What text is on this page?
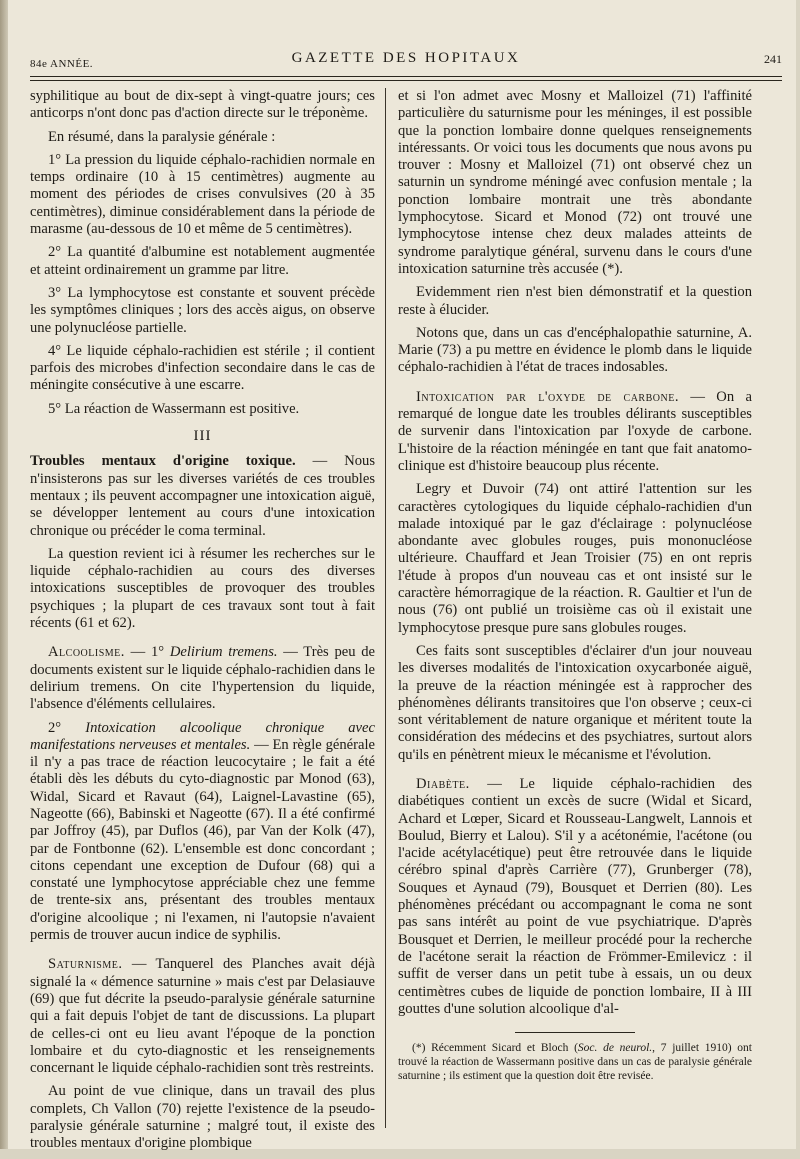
84e ANNÉE.	GAZETTE DES HOPITAUX	241

syphilitique au bout de dix-sept à vingt-quatre jours; ces anticorps n'ont donc pas d'action directe sur le tréponème.

En résumé, dans la paralysie générale :

1° La pression du liquide céphalo-rachidien normale en temps ordinaire (10 à 15 centimètres) augmente au moment des périodes de crises convulsives (20 à 35 centimètres), diminue considérablement dans la période de marasme (au-dessous de 10 et même de 5 centimètres).

2° La quantité d'albumine est notablement augmentée et atteint ordinairement un gramme par litre.

3° La lymphocytose est constante et souvent précède les symptômes cliniques ; lors des accès aigus, on observe une polynucléose partielle.

4° Le liquide céphalo-rachidien est stérile ; il contient parfois des microbes d'infection secondaire dans le cas de méningite consécutive à une escarre.

5° La réaction de Wassermann est positive.

III

Troubles mentaux d'origine toxique. — Nous n'insisterons pas sur les diverses variétés de ces troubles mentaux ; ils peuvent accompagner une intoxication aiguë, se développer lentement au cours d'une intoxication chronique ou précéder le coma terminal.

La question revient ici à résumer les recherches sur le liquide céphalo-rachidien au cours des diverses intoxications susceptibles de provoquer des troubles psychiques ; la plupart de ces travaux sont tout à fait récents (61 et 62).

Alcoolisme. — 1° Delirium tremens. — Très peu de documents existent sur le liquide céphalo-rachidien dans le delirium tremens. On cite l'hypertension du liquide, l'absence d'éléments cellulaires.

2° Intoxication alcoolique chronique avec manifestations nerveuses et mentales. — En règle générale il n'y a pas trace de réaction leucocytaire ; le fait a été établi dès les débuts du cyto-diagnostic par Monod (63), Widal, Sicard et Ravaut (64), Laignel-Lavastine (65), Nageotte (66), Babinski et Nageotte (67). Il a été confirmé par Joffroy (45), par Duflos (46), par Van der Kolk (47), par de Fontbonne (62). L'ensemble est donc concordant ; citons cependant une exception de Dufour (68) qui a constaté une lymphocytose appréciable chez une femme de trente-six ans, présentant des troubles mentaux d'origine alcoolique ; ni l'examen, ni l'autopsie n'avaient permis de trouver aucun indice de syphilis.

Saturnisme. — Tanquerel des Planches avait déjà signalé la « démence saturnine » mais c'est par Delasiauve (69) que fut décrite la pseudo-paralysie générale saturnine qui a fait depuis l'objet de tant de discussions. La plupart de celles-ci ont eu lieu avant l'époque de la ponction lombaire et du cyto-diagnostic et les renseignements concernant le liquide céphalo-rachidien sont très restreints.

Au point de vue clinique, dans un travail des plus complets, Ch Vallon (70) rejette l'existence de la pseudo-paralysie générale saturnine ; malgré tout, il existe des troubles mentaux d'origine plombique

et si l'on admet avec Mosny et Malloizel (71) l'affinité particulière du saturnisme pour les méninges, il est possible que la ponction lombaire donne quelques renseignements intéressants. Or voici tous les documents que nous avons pu trouver : Mosny et Malloizel (71) ont observé chez un saturnin un syndrome méningé avec confusion mentale ; la ponction lombaire montrait une très abondante lymphocytose. Sicard et Monod (72) ont trouvé une lymphocytose intense chez deux malades atteints de syndrome paralytique général, survenu dans le cours d'une intoxication saturnine très accusée (*).

Evidemment rien n'est bien démonstratif et la question reste à élucider.

Notons que, dans un cas d'encéphalopathie saturnine, A. Marie (73) a pu mettre en évidence le plomb dans le liquide céphalo-rachidien à l'état de traces indosables.

Intoxication par l'oxyde de carbone. — On a remarqué de longue date les troubles délirants susceptibles de survenir dans l'intoxication par l'oxyde de carbone. L'histoire de la réaction méningée en tant que fait anatomo-clinique est d'histoire beaucoup plus récente.

Legry et Duvoir (74) ont attiré l'attention sur les caractères cytologiques du liquide céphalo-rachidien d'un malade intoxiqué par le gaz d'éclairage : polynucléose abondante avec globules rouges, puis mononucléose ultérieure. Chauffard et Jean Troisier (75) en ont repris l'étude à propos d'un nouveau cas et ont insisté sur le caractère hémorragique de la réaction. R. Gaultier et l'un de nous (76) ont publié un troisième cas où il existait une lymphocytose presque pure sans globules rouges.

Ces faits sont susceptibles d'éclairer d'un jour nouveau les diverses modalités de l'intoxication oxycarbonée aiguë, la preuve de la réaction méningée est à rapprocher des phénomènes délirants transitoires que l'on observe ; ceux-ci sont véritablement de nature organique et méritent toute la considération des médecins et des psychiatres, surtout alors qu'ils en pénètrent mieux le mécanisme et l'évolution.

Diabète. — Le liquide céphalo-rachidien des diabétiques contient un excès de sucre (Widal et Sicard, Achard et Lœper, Sicard et Rousseau-Langwelt, Lannois et Boulud, Bierry et Lalou). S'il y a acétonémie, l'acétone (ou l'acide acétylacétique) peut être retrouvée dans le liquide cérébro spinal d'après Carrière (77), Grunberger (78), Souques et Aynaud (79), Bousquet et Derrien (80). Les phénomènes précédant ou accompagnant le coma ne sont pas sans intérêt au point de vue psychiatrique. D'après Bousquet et Derrien, le meilleur procédé pour la recherche de l'acétone serait la réaction de Frömmer-Emilevicz : il suffit de verser dans un petit tube à essais, un ou deux centimètres cubes de liquide de ponction lombaire, II à III gouttes d'une solution alcoolique d'al-

(*) Récemment Sicard et Bloch (Soc. de neurol., 7 juillet 1910) ont trouvé la réaction de Wassermann positive dans un cas de paralysie générale saturnine ; ils estiment que la question doit être revisée.
